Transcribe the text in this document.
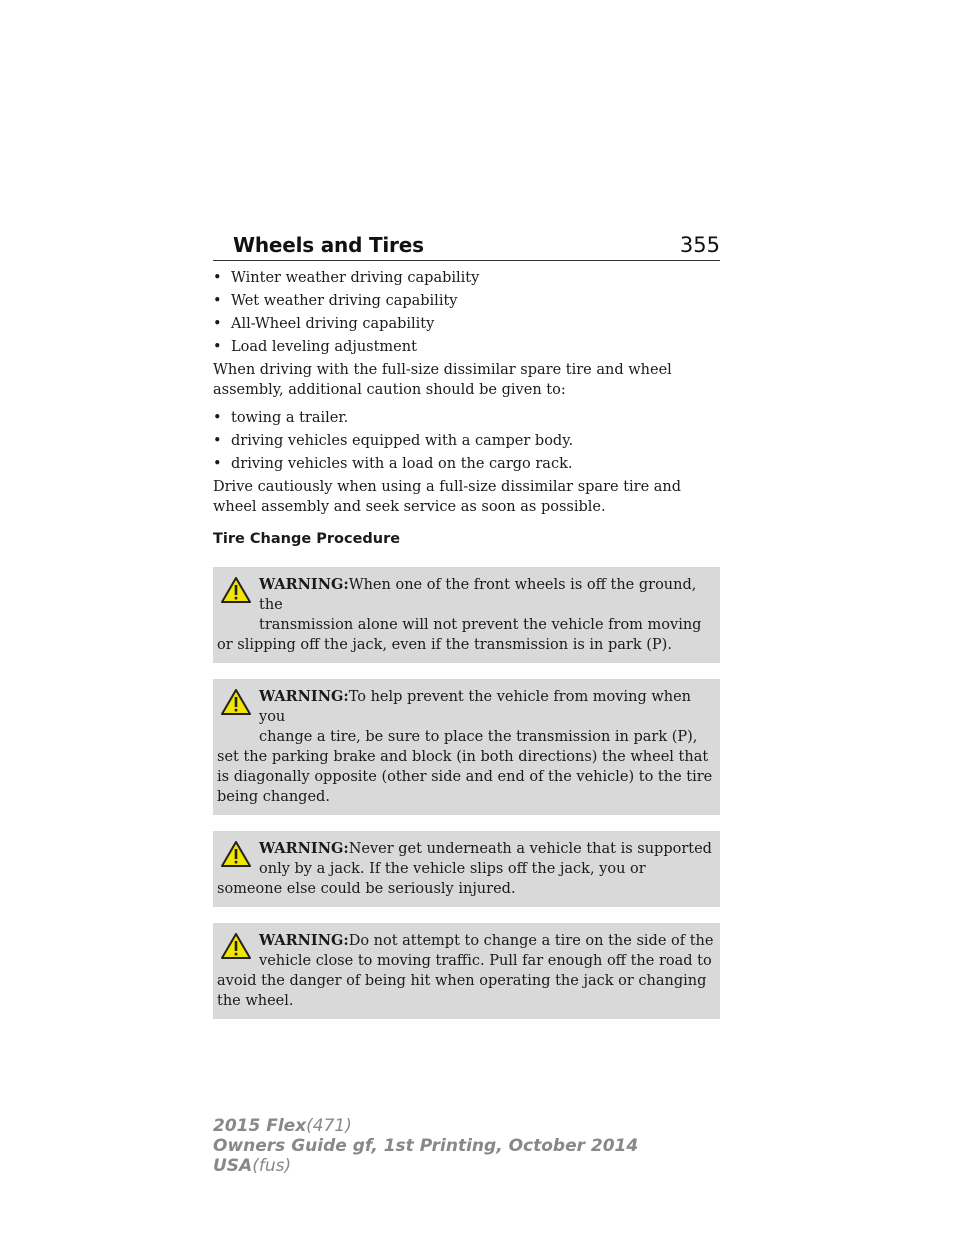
Wheels and Tires	355
• Winter weather driving capability
• Wet weather driving capability
• All-Wheel driving capability
• Load leveling adjustment

When driving with the full-size dissimilar spare tire and wheel assembly, additional caution should be given to:

• towing a trailer.
• driving vehicles equipped with a camper body.
• driving vehicles with a load on the cargo rack.

Drive cautiously when using a full-size dissimilar spare tire and wheel assembly and seek service as soon as possible.

Tire Change Procedure
WARNING:When one of the front wheels is off the ground, the
transmission alone will not prevent the vehicle from moving or slipping off the jack, even if the transmission is in park (P).
WARNING:To help prevent the vehicle from moving when you
change a tire, be sure to place the transmission in park (P), set the parking brake and block (in both directions) the wheel that is diagonally opposite (other side and end of the vehicle) to the tire being changed.
WARNING:Never get underneath a vehicle that is supported
only by a jack. If the vehicle slips off the jack, you or someone else could be seriously injured.
WARNING:Do not attempt to change a tire on the side of the
vehicle close to moving traffic. Pull far enough off the road to avoid the danger of being hit when operating the jack or changing the wheel.
2015 Flex(471)
Owners Guide gf, 1st Printing, October 2014
USA(fus)
